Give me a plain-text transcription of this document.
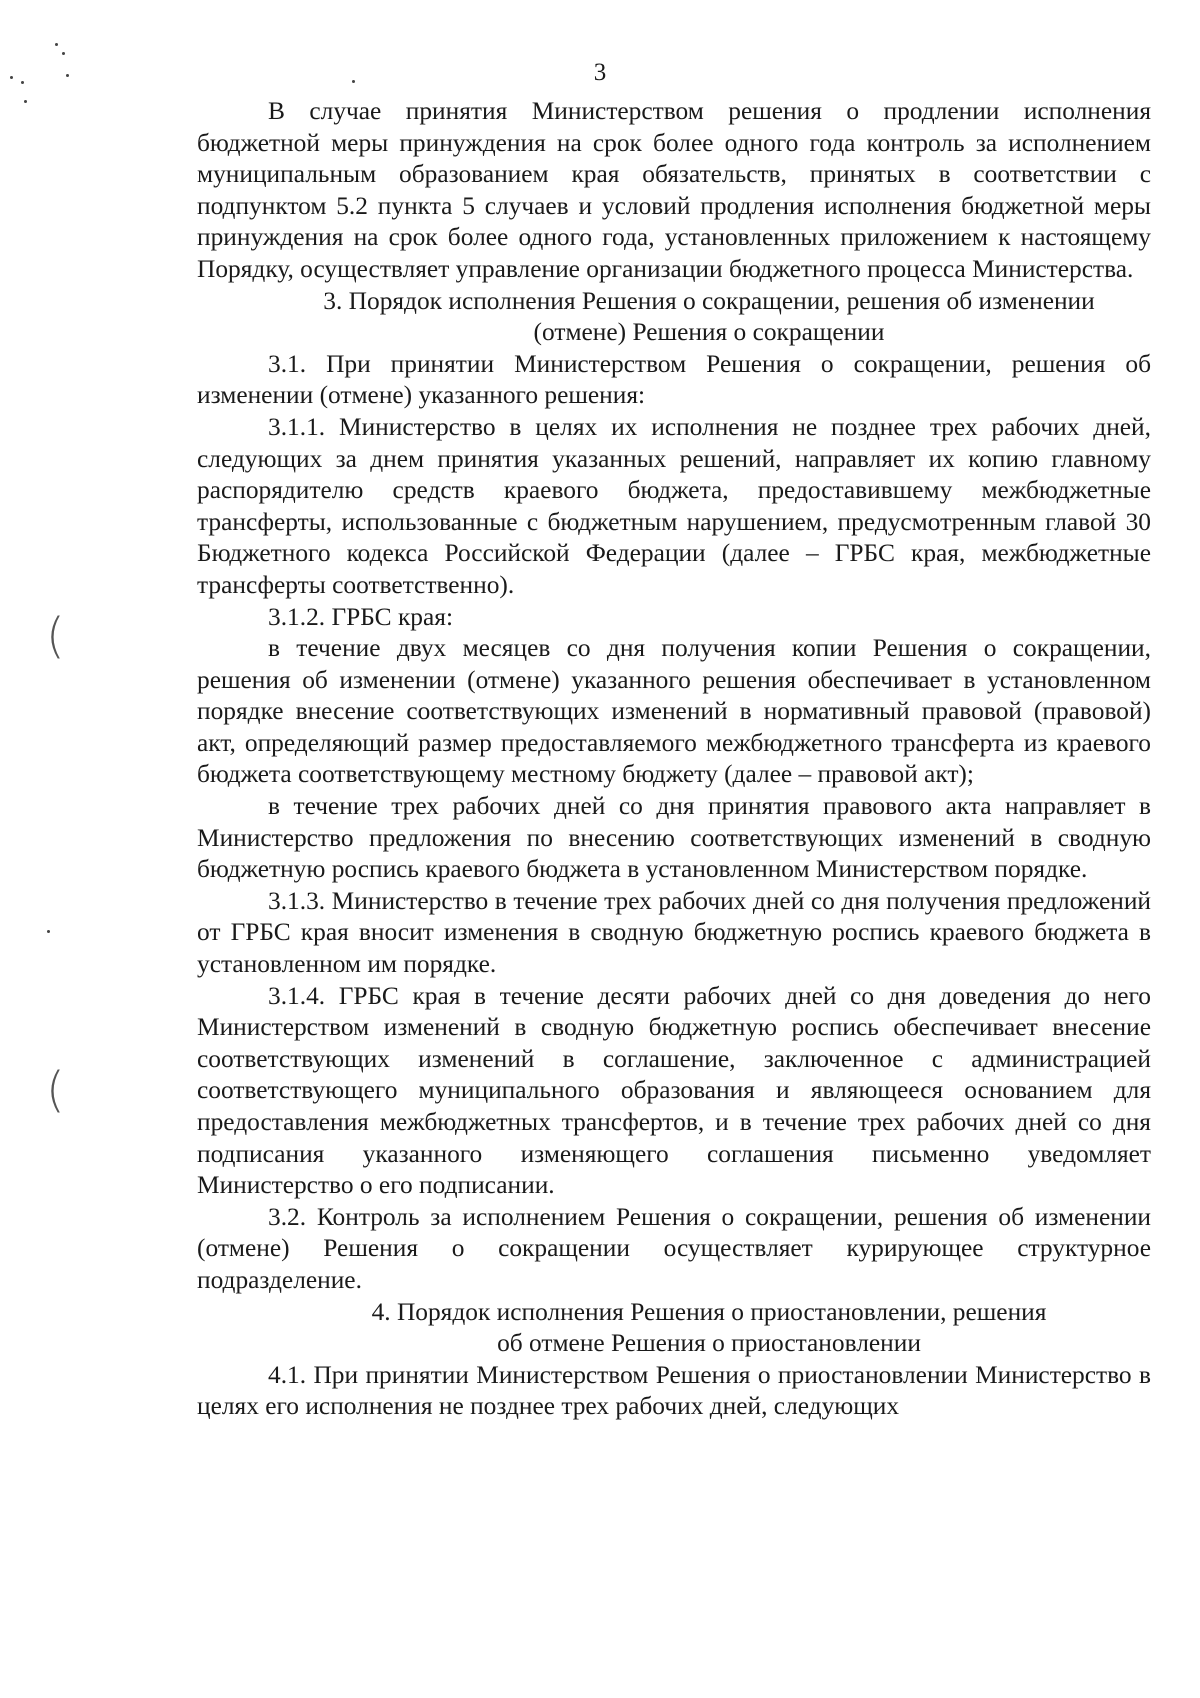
3

В случае принятия Министерством решения о продлении исполнения бюджетной меры принуждения на срок более одного года контроль за исполнением муниципальным образованием края обязательств, принятых в соответствии с подпунктом 5.2 пункта 5 случаев и условий продления исполнения бюджетной меры принуждения на срок более одного года, установленных приложением к настоящему Порядку, осуществляет управление организации бюджетного процесса Министерства.

3. Порядок исполнения Решения о сокращении, решения об изменении
(отмене) Решения о сокращении

3.1. При принятии Министерством Решения о сокращении, решения об изменении (отмене) указанного решения:

3.1.1. Министерство в целях их исполнения не позднее трех рабочих дней, следующих за днем принятия указанных решений, направляет их копию главному распорядителю средств краевого бюджета, предоставившему межбюджетные трансферты, использованные с бюджетным нарушением, предусмотренным главой 30 Бюджетного кодекса Российской Федерации (далее – ГРБС края, межбюджетные трансферты соответственно).

3.1.2. ГРБС края:

в течение двух месяцев со дня получения копии Решения о сокращении, решения об изменении (отмене) указанного решения обеспечивает в установленном порядке внесение соответствующих изменений в нормативный правовой (правовой) акт, определяющий размер предоставляемого межбюджетного трансферта из краевого бюджета соответствующему местному бюджету (далее – правовой акт);

в течение трех рабочих дней со дня принятия правового акта направляет в Министерство предложения по внесению соответствующих изменений в сводную бюджетную роспись краевого бюджета в установленном Министерством порядке.

3.1.3. Министерство в течение трех рабочих дней со дня получения предложений от ГРБС края вносит изменения в сводную бюджетную роспись краевого бюджета в установленном им порядке.

3.1.4. ГРБС края в течение десяти рабочих дней со дня доведения до него Министерством изменений в сводную бюджетную роспись обеспечивает внесение соответствующих изменений в соглашение, заключенное с администрацией соответствующего муниципального образования и являющееся основанием для предоставления межбюджетных трансфертов, и в течение трех рабочих дней со дня подписания указанного изменяющего соглашения письменно уведомляет Министерство о его подписании.

3.2. Контроль за исполнением Решения о сокращении, решения об изменении (отмене) Решения о сокращении осуществляет курирующее структурное подразделение.

4. Порядок исполнения Решения о приостановлении, решения
об отмене Решения о приостановлении

4.1. При принятии Министерством Решения о приостановлении Министерство в целях его исполнения не позднее трех рабочих дней, следующих

(
(
